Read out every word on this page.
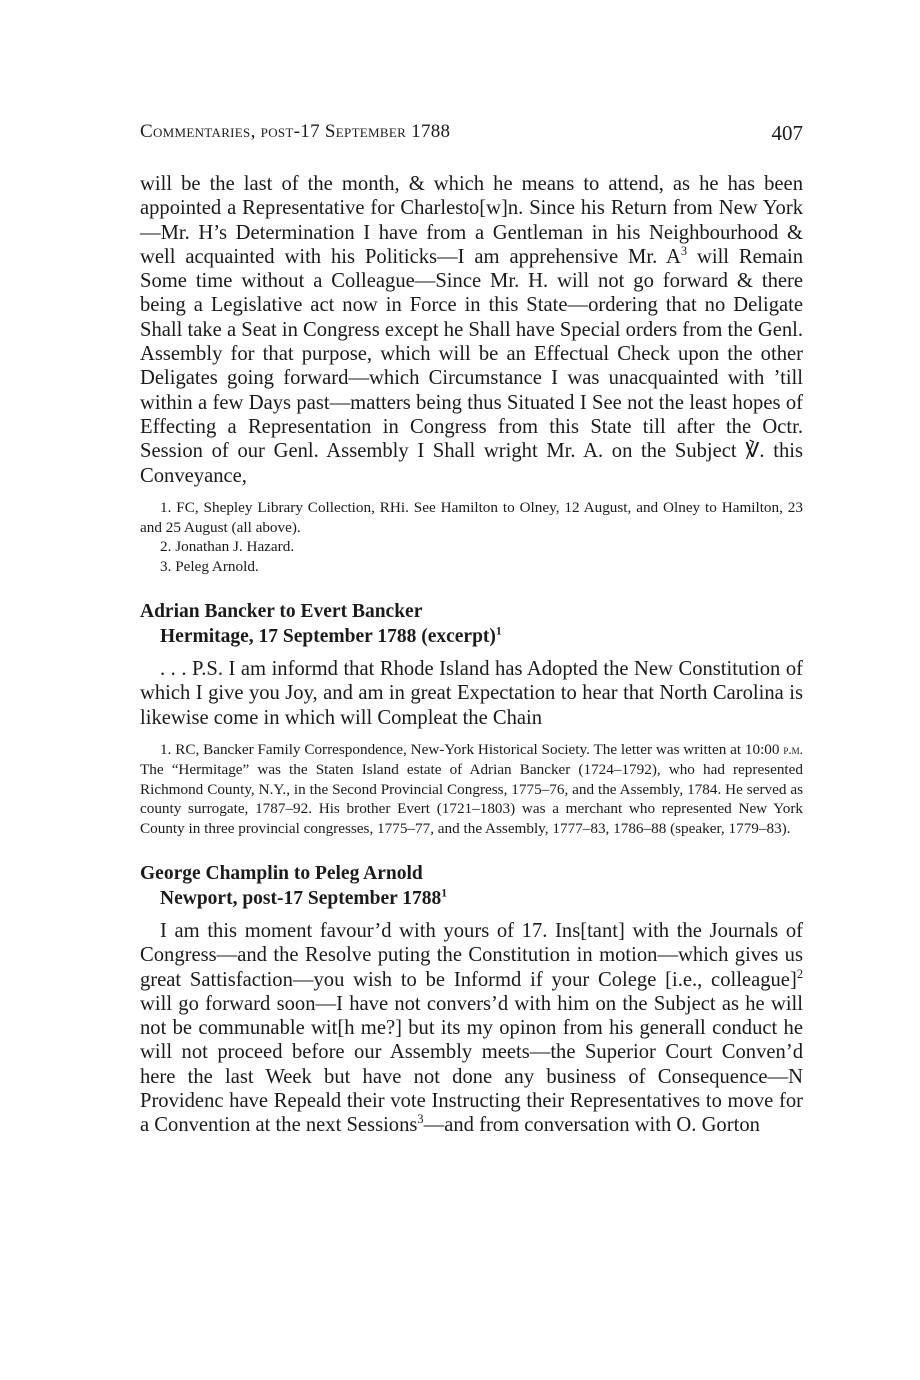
Commentaries, post-17 September 1788	407

will be the last of the month, & which he means to attend, as he has been appointed a Representative for Charlesto[w]n. Since his Return from New York—Mr. H’s Determination I have from a Gentleman in his Neighbourhood & well acquainted with his Politicks—I am apprehensive Mr. $A^3$ will Remain Some time without a Colleague—Since Mr. H. will not go forward & there being a Legislative act now in Force in this State—ordering that no Deligate Shall take a Seat in Congress except he Shall have Special orders from the Genl. Assembly for that purpose, which will be an Effectual Check upon the other Deligates going forward—which Circumstance I was unacquainted with ’till within a few Days past—matters being thus Situated I See not the least hopes of Effecting a Representation in Congress from this State till after the Octr. Session of our Genl. Assembly I Shall wright Mr. A. on the Subject ℣. this Conveyance,

1. FC, Shepley Library Collection, RHi. See Hamilton to Olney, 12 August, and Olney to Hamilton, 23 and 25 August (all above).

2. Jonathan J. Hazard.

3. Peleg Arnold.

Adrian Bancker to Evert Bancker
Hermitage, 17 September 1788 (excerpt)$^1$

. . . P.S. I am informd that Rhode Island has Adopted the New Constitution of which I give you Joy, and am in great Expectation to hear that North Carolina is likewise come in which will Compleat the Chain

1. RC, Bancker Family Correspondence, New-York Historical Society. The letter was written at 10:00 p.m. The “Hermitage” was the Staten Island estate of Adrian Bancker (1724–1792), who had represented Richmond County, N.Y., in the Second Provincial Congress, 1775–76, and the Assembly, 1784. He served as county surrogate, 1787–92. His brother Evert (1721–1803) was a merchant who represented New York County in three provincial congresses, 1775–77, and the Assembly, 1777–83, 1786–88 (speaker, 1779–83).

George Champlin to Peleg Arnold
Newport, post-17 September 1788$^1$

I am this moment favour’d with yours of 17. Ins[tant] with the Journals of Congress—and the Resolve puting the Constitution in motion—which gives us great Sattisfaction—you wish to be Informd if your Colege [i.e., colleague]$^2$ will go forward soon—I have not convers’d with him on the Subject as he will not be communable wit[h me?] but its my opinon from his generall conduct he will not proceed before our Assembly meets—the Superior Court Conven’d here the last Week but have not done any business of Consequence—N Providenc have Repeald their vote Instructing their Representatives to move for a Convention at the next Sessions$^3$—and from conversation with O. Gorton
